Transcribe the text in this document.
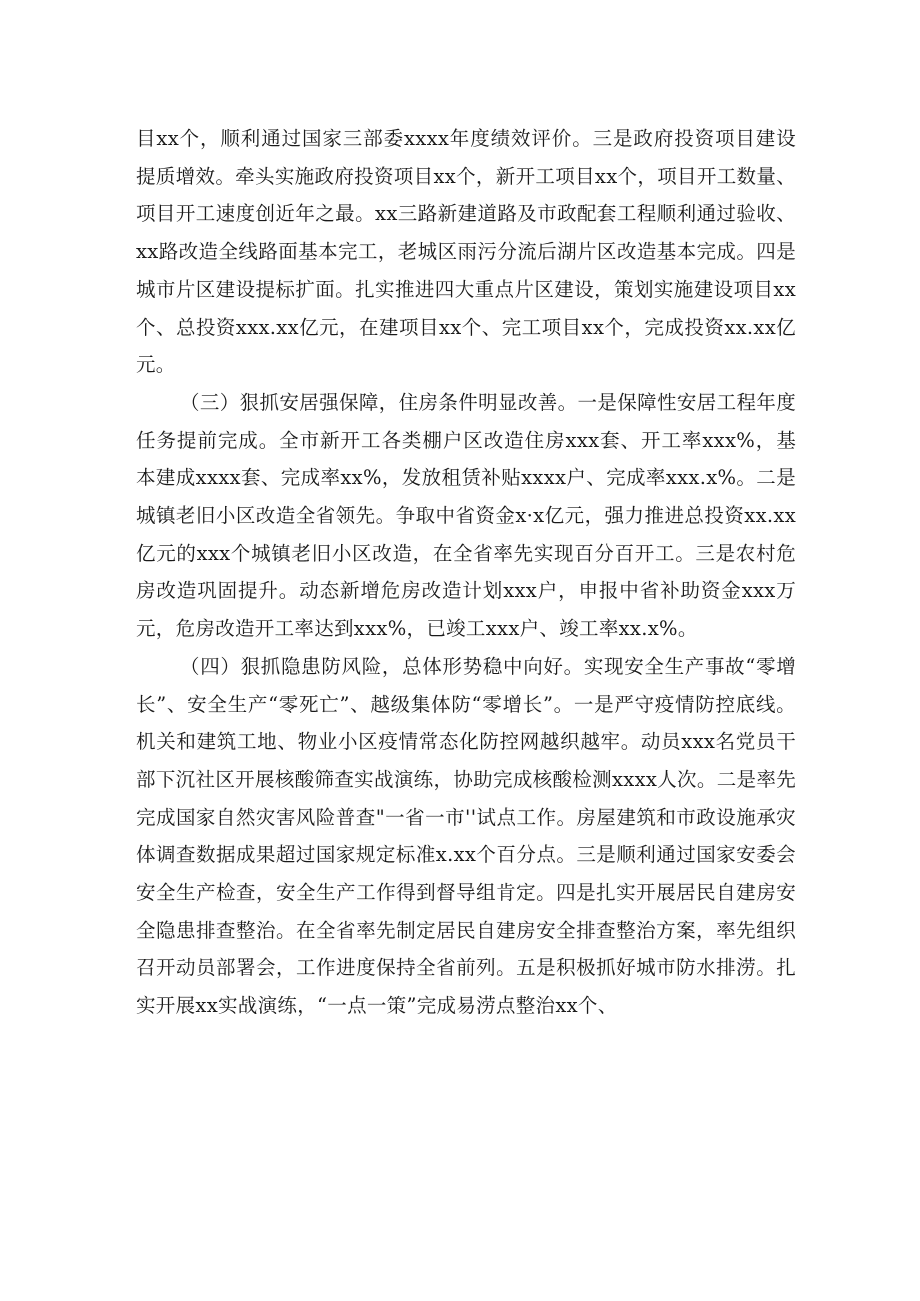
目xx个，顺利通过国家三部委xxxx年度绩效评价。三是政府投资项目建设提质增效。牵头实施政府投资项目xx个，新开工项目xx个，项目开工数量、项目开工速度创近年之最。xx三路新建道路及市政配套工程顺利通过验收、xx路改造全线路面基本完工，老城区雨污分流后湖片区改造基本完成。四是城市片区建设提标扩面。扎实推进四大重点片区建设，策划实施建设项目xx个、总投资xxx.xx亿元，在建项目xx个、完工项目xx个，完成投资xx.xx亿元。

（三）狠抓安居强保障，住房条件明显改善。一是保障性安居工程年度任务提前完成。全市新开工各类棚户区改造住房xxx套、开工率xxx%，基本建成xxxx套、完成率xx%，发放租赁补贴xxxx户、完成率xxx.x%。二是城镇老旧小区改造全省领先。争取中省资金x·x亿元，强力推进总投资xx.xx亿元的xxx个城镇老旧小区改造，在全省率先实现百分百开工。三是农村危房改造巩固提升。动态新增危房改造计划xxx户，申报中省补助资金xxx万元，危房改造开工率达到xxx%，已竣工xxx户、竣工率xx.x%。

（四）狠抓隐患防风险，总体形势稳中向好。实现安全生产事故“零增长”、安全生产“零死亡”、越级集体防“零增长”。一是严守疫情防控底线。机关和建筑工地、物业小区疫情常态化防控网越织越牢。动员xxx名党员干部下沉社区开展核酸筛查实战演练，协助完成核酸检测xxxx人次。二是率先完成国家自然灾害风险普查"一省一市''试点工作。房屋建筑和市政设施承灾体调查数据成果超过国家规定标准x.xx个百分点。三是顺利通过国家安委会安全生产检查，安全生产工作得到督导组肯定。四是扎实开展居民自建房安全隐患排查整治。在全省率先制定居民自建房安全排查整治方案，率先组织召开动员部署会，工作进度保持全省前列。五是积极抓好城市防水排涝。扎实开展xx实战演练，“一点一策”完成易涝点整治xx个、
